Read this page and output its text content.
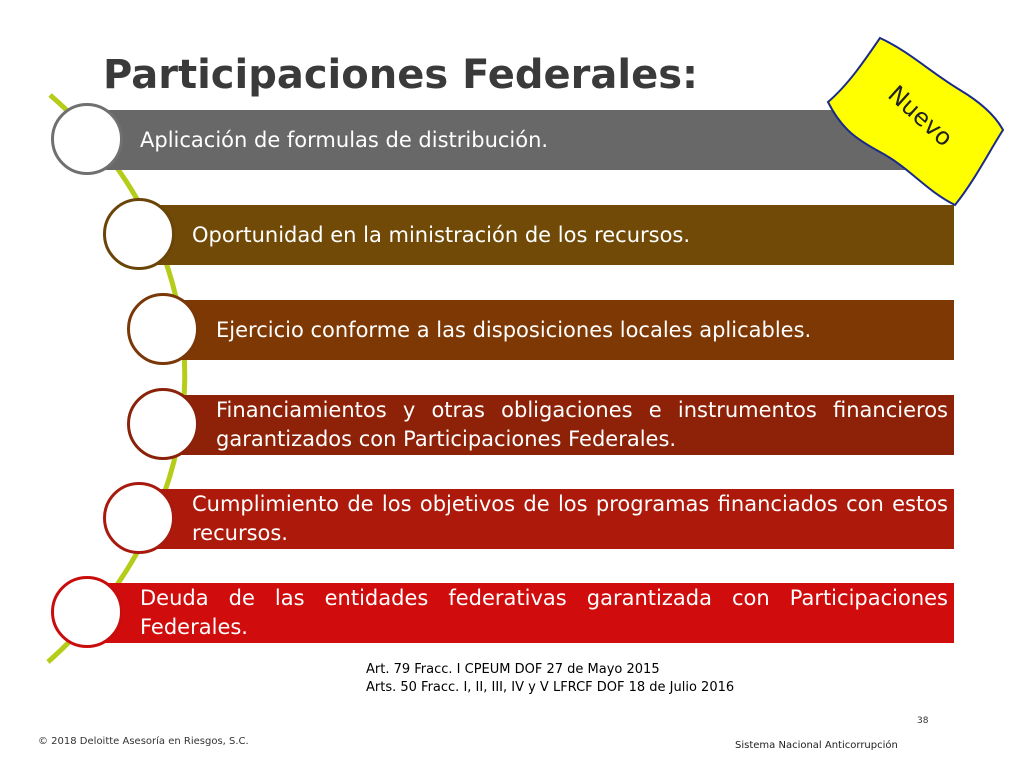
Participaciones Federales:
Aplicación de formulas de distribución.
Oportunidad en la ministración de los recursos.
Ejercicio conforme a las disposiciones locales aplicables.
Financiamientos y otras obligaciones e instrumentos financieros garantizados con Participaciones Federales.
Cumplimiento de los objetivos de los programas financiados con estos recursos.
Deuda de las entidades federativas garantizada con Participaciones Federales.
Nuevo
Art. 79 Fracc. I CPEUM DOF 27 de Mayo 2015
Arts. 50 Fracc. I, II, III, IV y V LFRCF DOF 18 de Julio 2016
38
© 2018 Deloitte Asesoría en Riesgos, S.C.	Sistema Nacional Anticorrupción
